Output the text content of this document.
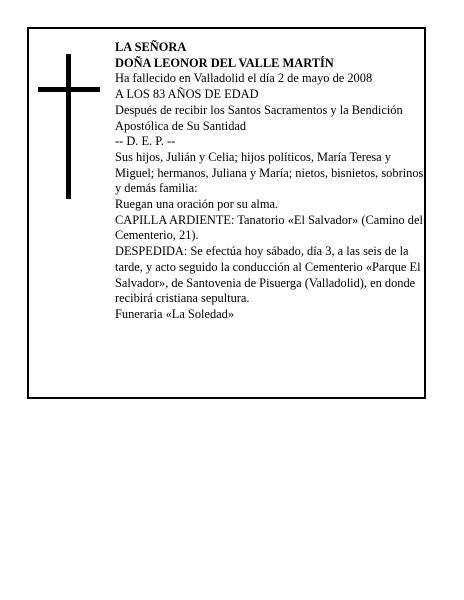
LA SEÑORA

DOÑA LEONOR DEL VALLE MARTÍN

Ha fallecido en Valladolid el día 2 de mayo de 2008

A LOS 83 AÑOS DE EDAD

Después de recibir los Santos Sacramentos y la Bendición Apostólica de Su Santidad

-- D. E. P. --

Sus hijos, Julián y Celia; hijos políticos, María Teresa y Miguel; hermanos, Juliana y María; nietos, bisnietos, sobrinos y demás familia:

Ruegan una oración por su alma.

CAPILLA ARDIENTE: Tanatorio «El Salvador» (Camino del Cementerio, 21).

DESPEDIDA: Se efectúa hoy sábado, día 3, a las seis de la tarde, y acto seguido la conducción al Cementerio «Parque El Salvador», de Santovenia de Pisuerga (Valladolid), en donde recibirá cristiana sepultura.

Funeraria «La Soledad»
